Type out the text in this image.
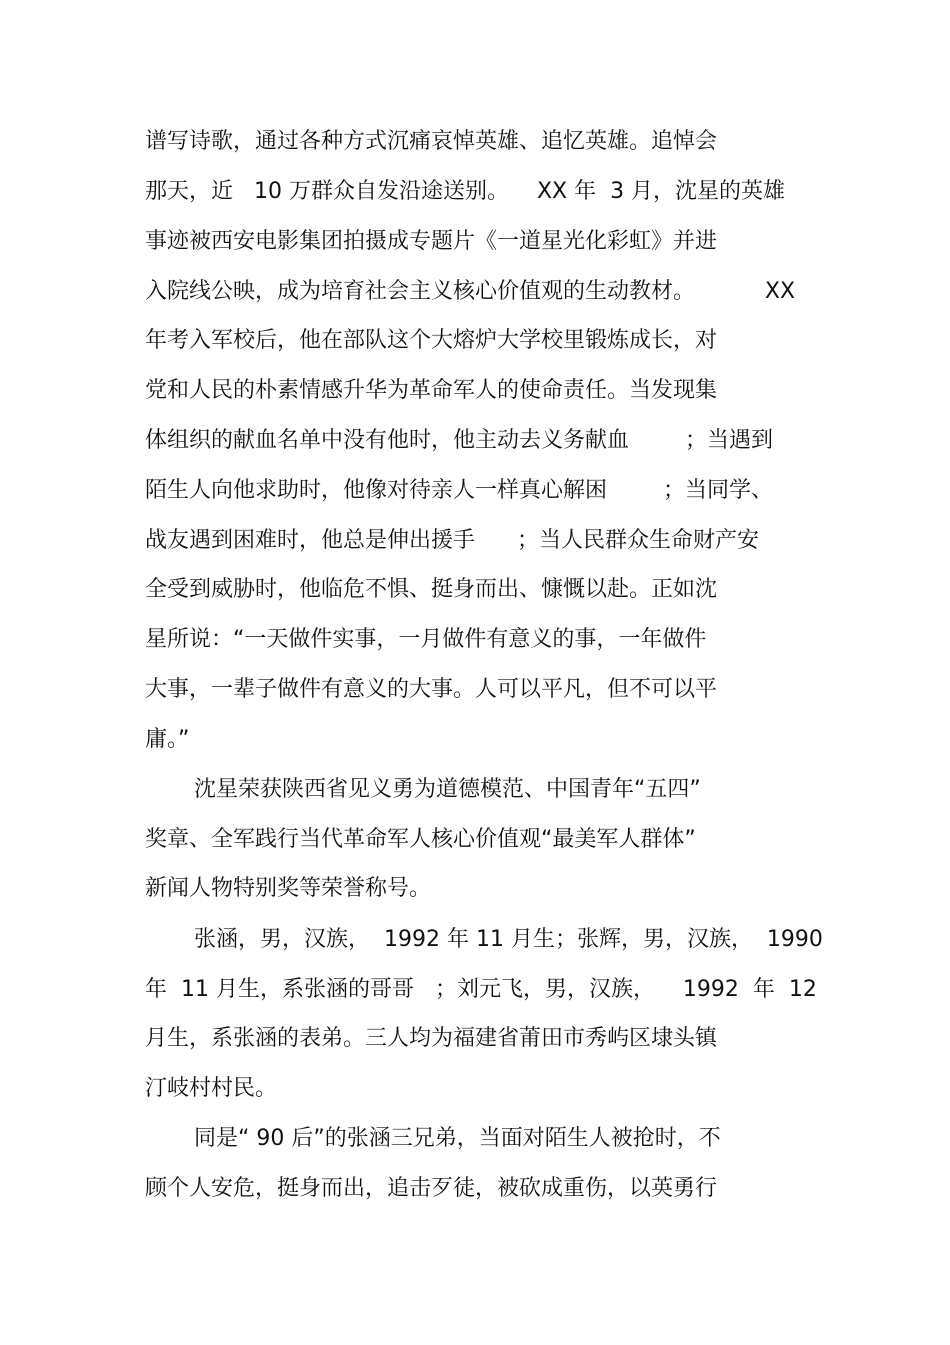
谱写诗歌，通过各种方式沉痛哀悼英雄、追忆英雄。追悼会
那天，近   10 万群众自发沿途送别。    XX 年  3 月，沈星的英雄
事迹被西安电影集团拍摄成专题片《一道星光化彩虹》并进
入院线公映，成为培育社会主义核心价值观的生动教材。          XX
年考入军校后，他在部队这个大熔炉大学校里锻炼成长，对
党和人民的朴素情感升华为革命军人的使命责任。当发现集
体组织的献血名单中没有他时，他主动去义务献血        ；当遇到
陌生人向他求助时，他像对待亲人一样真心解困        ；当同学、
战友遇到困难时，他总是伸出援手      ；当人民群众生命财产安
全受到威胁时，他临危不惧、挺身而出、慷慨以赴。正如沈
星所说：“一天做件实事，一月做件有意义的事，一年做件
大事，一辈子做件有意义的大事。人可以平凡，但不可以平
庸。”
沈星荣获陕西省见义勇为道德模范、中国青年“五四”
奖章、全军践行当代革命军人核心价值观“最美军人群体”
新闻人物特别奖等荣誉称号。
张涵，男，汉族，  1992 年 11 月生；张辉，男，汉族，  1990
年  11 月生，系张涵的哥哥   ；刘元飞，男，汉族，    1992  年  12
月生，系张涵的表弟。三人均为福建省莆田市秀屿区埭头镇
汀岐村村民。
同是“ 90 后”的张涵三兄弟，当面对陌生人被抢时，不
顾个人安危，挺身而出，追击歹徒，被砍成重伤，以英勇行
